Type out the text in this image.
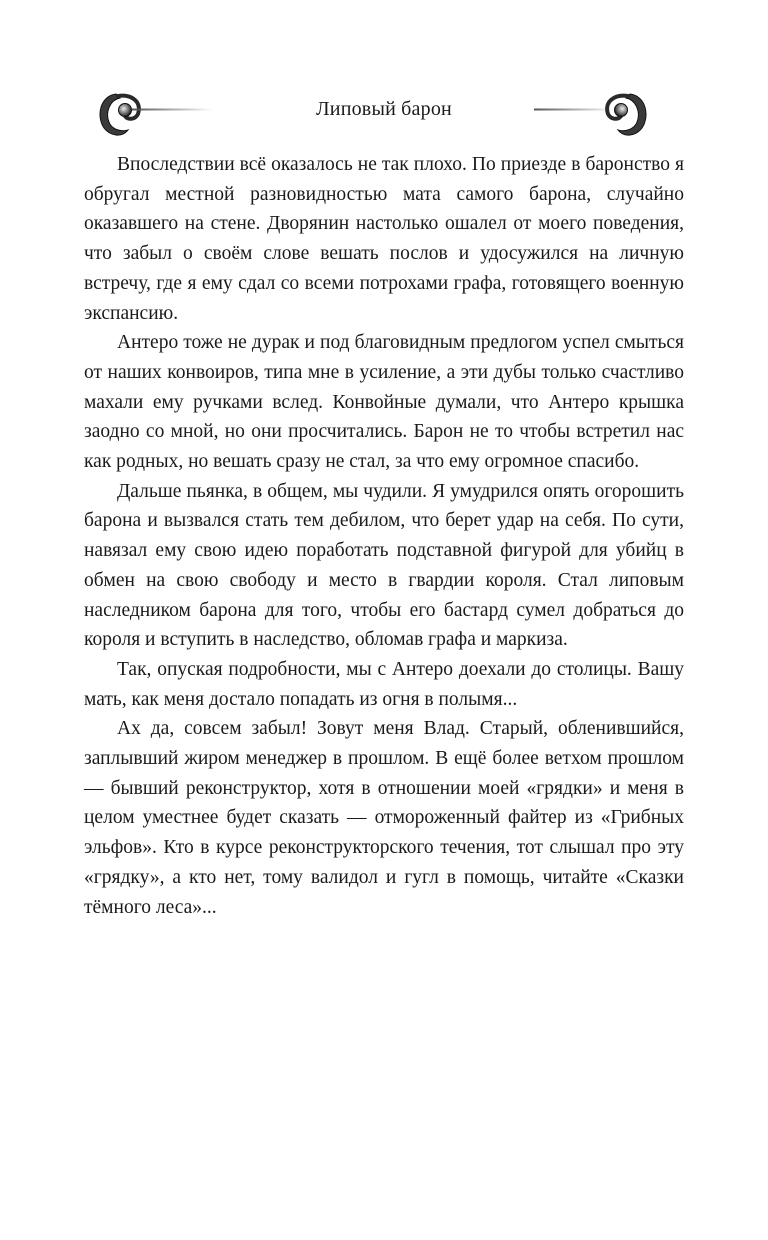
Липовый барон

Впоследствии всё оказалось не так плохо. По приезде в баронство я обругал местной разновидностью мата самого барона, случайно оказавшего на стене. Дворянин настолько ошалел от моего поведения, что забыл о своём слове вешать послов и удосужился на личную встречу, где я ему сдал со всеми потрохами графа, готовящего военную экспансию.

Антеро тоже не дурак и под благовидным предлогом успел смыться от наших конвоиров, типа мне в усиление, а эти дубы только счастливо махали ему ручками вслед. Конвойные думали, что Антеро крышка заодно со мной, но они просчитались. Барон не то чтобы встретил нас как родных, но вешать сразу не стал, за что ему огромное спасибо.

Дальше пьянка, в общем, мы чудили. Я умудрился опять огорошить барона и вызвался стать тем дебилом, что берет удар на себя. По сути, навязал ему свою идею поработать подставной фигурой для убийц в обмен на свою свободу и место в гвардии короля. Стал липовым наследником барона для того, чтобы его бастард сумел добраться до короля и вступить в наследство, обломав графа и маркиза.

Так, опуская подробности, мы с Антеро доехали до столицы. Вашу мать, как меня достало попадать из огня в полымя...

Ах да, совсем забыл! Зовут меня Влад. Старый, обленившийся, заплывший жиром менеджер в прошлом. В ещё более ветхом прошлом — бывший реконструктор, хотя в отношении моей «грядки» и меня в целом уместнее будет сказать — отмороженный файтер из «Грибных эльфов». Кто в курсе реконструкторского течения, тот слышал про эту «грядку», а кто нет, тому валидол и гугл в помощь, читайте «Сказки тёмного леса»...
